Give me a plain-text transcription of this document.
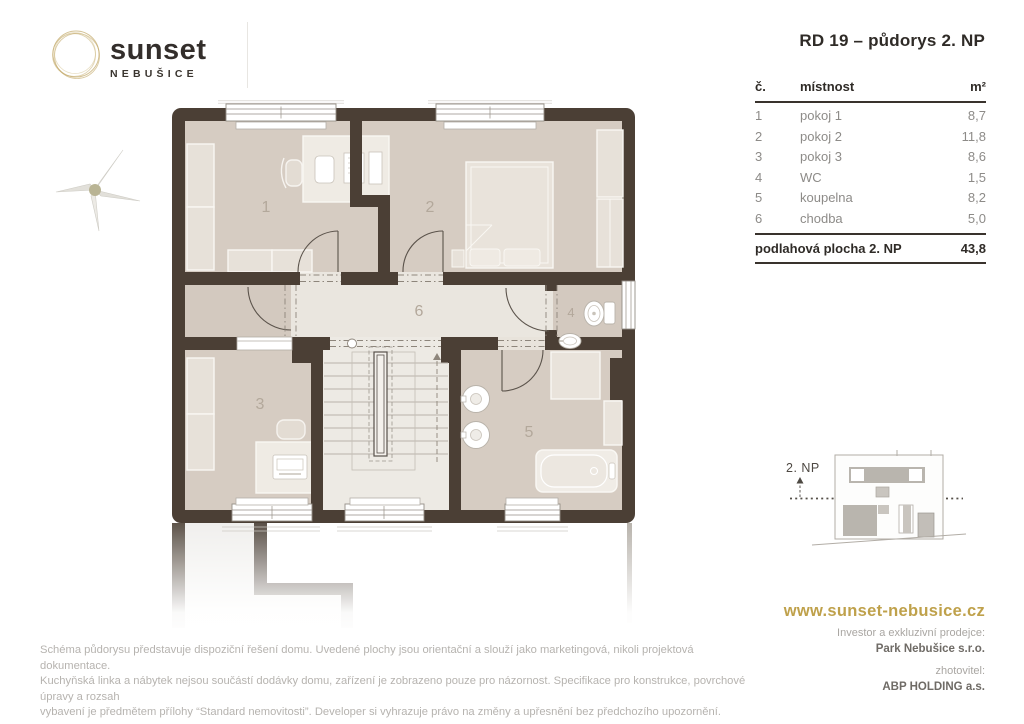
1	2
3
4
5
6
2. NP
sunset
NEBUŠICE
RD 19 – půdorys 2. NP
č.	místnost	m²
1	pokoj 1	8,7
2	pokoj 2	11,8
3	pokoj 3	8,6
4	WC	1,5
5	koupelna	8,2
6	chodba	5,0
podlahová plocha 2. NP	43,8
www.sunset-nebusice.cz
Investor a exkluzivní prodejce:
Park Nebušice s.r.o.
zhotovitel:
ABP HOLDING a.s.
Schéma půdorysu představuje dispoziční řešení domu. Uvedené plochy jsou orientační a slouží jako marketingová, nikoli projektová dokumentace.
Kuchyňská linka a nábytek nejsou součástí dodávky domu, zařízení je zobrazeno pouze pro názornost. Specifikace pro konstrukce, povrchové úpravy a rozsah
vybavení je předmětem přílohy “Standard nemovitosti”. Developer si vyhrazuje právo na změny a upřesnění bez předchozího upozornění.
